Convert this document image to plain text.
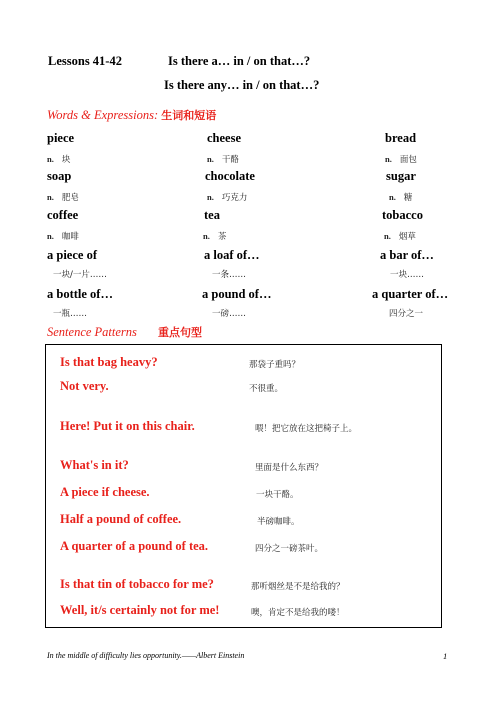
Lessons 41-42	Is there a… in / on that…?
Is there any… in / on that…?
Words & Expressions: 生词和短语
piece	cheese	bread
n. 块	n. 干酪	n. 面包
soap	chocolate	sugar
n. 肥皂	n. 巧克力	n. 糖
coffee	tea	tobacco
n. 咖啡	n. 茶	n. 烟草
a piece of	a loaf of…	a bar of…
一块/一片……	一条……	一块……
a bottle of…	a pound of…	a quarter of…
一瓶……	一磅……	四分之一
Sentence Patterns 重点句型
Is that bag heavy?	那袋子重吗？
Not very.	不很重。
Here! Put it on this chair.	喂！把它放在这把椅子上。
What's in it?	里面是什么东西？
A piece if cheese.	一块干酪。
Half a pound of coffee.	半磅咖啡。
A quarter of a pound of tea.	四分之一磅茶叶。
Is that tin of tobacco for me?	那听烟丝是不是给我的？
Well, it/s certainly not for me!	噢，肯定不是给我的喽！
In the middle of difficulty lies opportunity.——Albert Einstein	1
